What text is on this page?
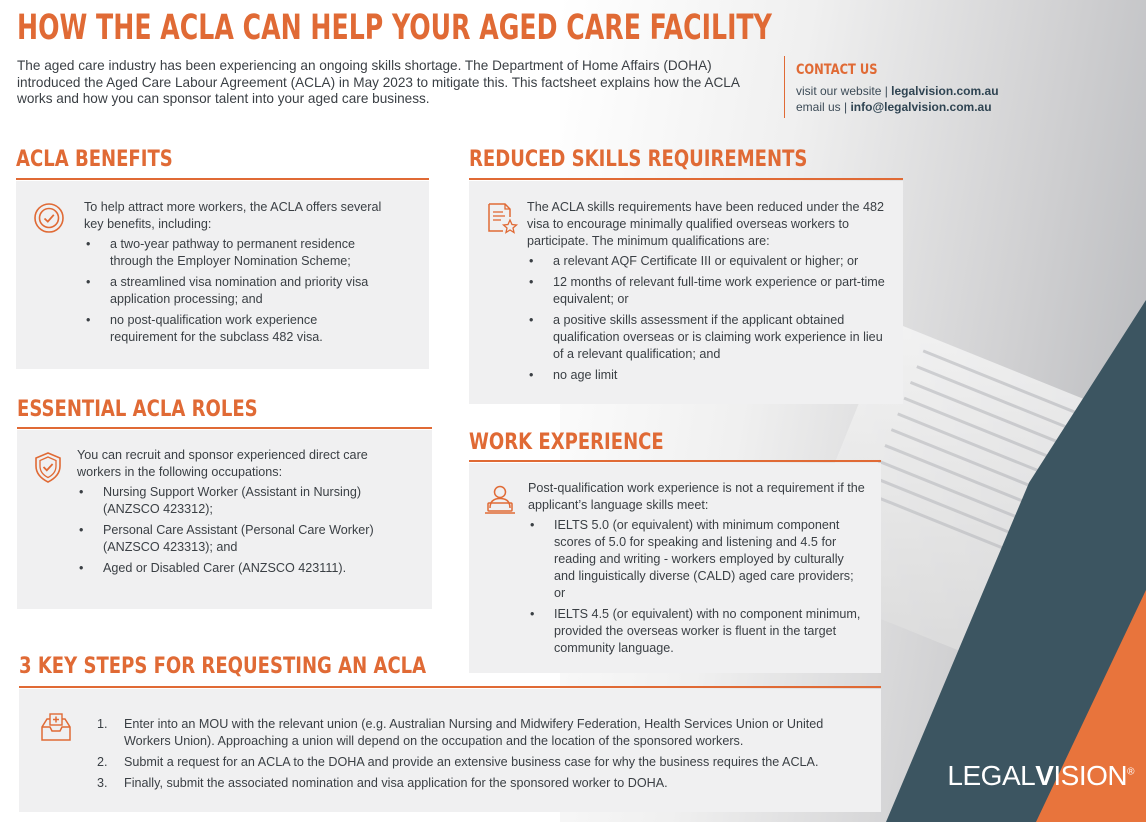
HOW THE ACLA CAN HELP YOUR AGED CARE FACILITY
The aged care industry has been experiencing an ongoing skills shortage. The Department of Home Affairs (DOHA) introduced the Aged Care Labour Agreement (ACLA) in May 2023 to mitigate this. This factsheet explains how the ACLA works and how you can sponsor talent into your aged care business.
CONTACT US
visit our website | legalvision.com.au
email us | info@legalvision.com.au
ACLA BENEFITS

To help attract more workers, the ACLA offers several key benefits, including:

• a two-year pathway to permanent residence through the Employer Nomination Scheme;
• a streamlined visa nomination and priority visa application processing; and
• no post-qualification work experience requirement for the subclass 482 visa.
ESSENTIAL ACLA ROLES

You can recruit and sponsor experienced direct care workers in the following occupations:

• Nursing Support Worker (Assistant in Nursing) (ANZSCO 423312);
• Personal Care Assistant (Personal Care Worker) (ANZSCO 423313); and
• Aged or Disabled Carer (ANZSCO 423111).
REDUCED SKILLS REQUIREMENTS

The ACLA skills requirements have been reduced under the 482 visa to encourage minimally qualified overseas workers to participate. The minimum qualifications are:

• a relevant AQF Certificate III or equivalent or higher; or
• 12 months of relevant full-time work experience or part-time equivalent; or
• a positive skills assessment if the applicant obtained qualification overseas or is claiming work experience in lieu of a relevant qualification; and
• no age limit
WORK EXPERIENCE

Post-qualification work experience is not a requirement if the applicant’s language skills meet:

• IELTS 5.0 (or equivalent) with minimum component scores of 5.0 for speaking and listening and 4.5 for reading and writing - workers employed by culturally and linguistically diverse (CALD) aged care providers; or
• IELTS 4.5 (or equivalent) with no component minimum, provided the overseas worker is fluent in the target community language.
3 KEY STEPS FOR REQUESTING AN ACLA
1. Enter into an MOU with the relevant union (e.g. Australian Nursing and Midwifery Federation, Health Services Union or United Workers Union). Approaching a union will depend on the occupation and the location of the sponsored workers.
2. Submit a request for an ACLA to the DOHA and provide an extensive business case for why the business requires the ACLA.
3. Finally, submit the associated nomination and visa application for the sponsored worker to DOHA.	LEGALVISION®
